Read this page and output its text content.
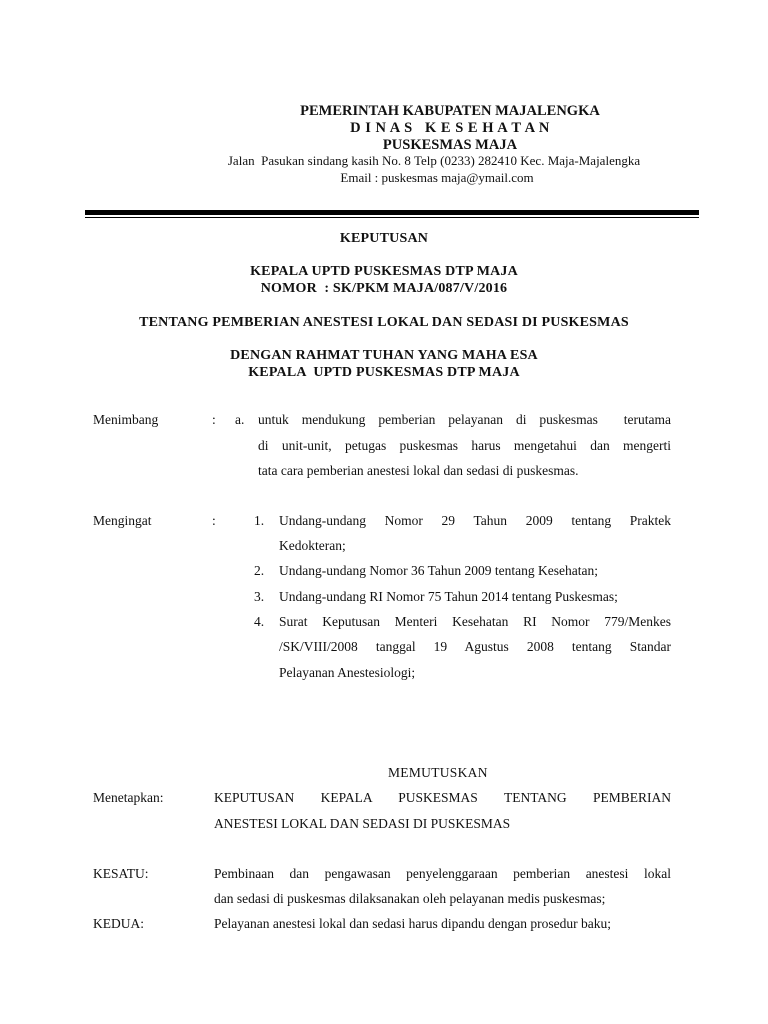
PEMERINTAH KABUPATEN MAJALENGKA
D I N A S   K E S E H A T A N
PUSKESMAS MAJA
Jalan  Pasukan sindang kasih No. 8 Telp (0233) 282410 Kec. Maja-Majalengka
Email : puskesmas maja@ymail.com
KEPUTUSAN
KEPALA UPTD PUSKESMAS DTP MAJA
NOMOR  : SK/PKM MAJA/087/V/2016
TENTANG PEMBERIAN ANESTESI LOKAL DAN SEDASI DI PUSKESMAS
DENGAN RAHMAT TUHAN YANG MAHA ESA
KEPALA  UPTD PUSKESMAS DTP MAJA
Menimbang	: a. untuk mendukung pemberian pelayanan di puskesmas  terutama
di unit-unit, petugas puskesmas harus mengetahui dan mengerti
tata cara pemberian anestesi lokal dan sedasi di puskesmas.
Mengingat	:	1. Undang-undang  Nomor  29  Tahun  2009  tentang  Praktek
Kedokteran;
2. Undang-undang Nomor 36 Tahun 2009 tentang Kesehatan;
3. Undang-undang RI Nomor 75 Tahun 2014 tentang Puskesmas;
4. Surat  Keputusan  Menteri  Kesehatan  RI  Nomor  779/Menkes
/SK/VIII/2008  tanggal  19  Agustus  2008  tentang  Standar
Pelayanan Anestesiologi;
MEMUTUSKAN
Menetapkan:	KEPUTUSAN  KEPALA  PUSKESMAS  TENTANG  PEMBERIAN
ANESTESI LOKAL DAN SEDASI DI PUSKESMAS
KESATU:	Pembinaan dan pengawasan penyelenggaraan pemberian anestesi lokal
dan sedasi di puskesmas dilaksanakan oleh pelayanan medis puskesmas;
KEDUA:	Pelayanan anestesi lokal dan sedasi harus dipandu dengan prosedur baku;
